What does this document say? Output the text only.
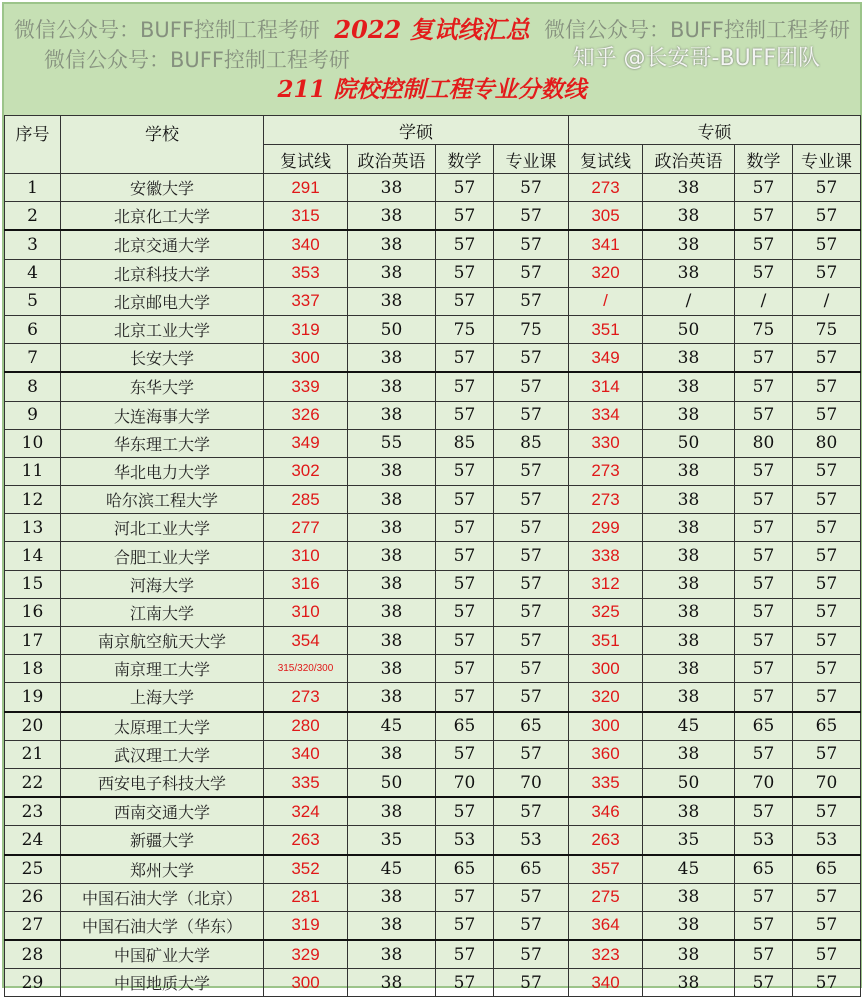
2022 复试线汇总
211 院校控制工程专业分数线
微信公众号：BUFF控制工程考研	微信公众号：BUFF控制工程考研
微信公众号：BUFF控制工程考研	知乎 @长安哥-BUFF团队
序号	学校	学硕				专硕			
		复试线	政治英语	数学	专业课	复试线	政治英语	数学	专业课
1	安徽大学	291	38	57	57	273	38	57	57
2	北京化工大学	315	38	57	57	305	38	57	57
3	北京交通大学	340	38	57	57	341	38	57	57
4	北京科技大学	353	38	57	57	320	38	57	57
5	北京邮电大学	337	38	57	57	/	/	/	/
6	北京工业大学	319	50	75	75	351	50	75	75
7	长安大学	300	38	57	57	349	38	57	57
8	东华大学	339	38	57	57	314	38	57	57
9	大连海事大学	326	38	57	57	334	38	57	57
10	华东理工大学	349	55	85	85	330	50	80	80
11	华北电力大学	302	38	57	57	273	38	57	57
12	哈尔滨工程大学	285	38	57	57	273	38	57	57
13	河北工业大学	277	38	57	57	299	38	57	57
14	合肥工业大学	310	38	57	57	338	38	57	57
15	河海大学	316	38	57	57	312	38	57	57
16	江南大学	310	38	57	57	325	38	57	57
17	南京航空航天大学	354	38	57	57	351	38	57	57
18	南京理工大学	315/320/300	38	57	57	300	38	57	57
19	上海大学	273	38	57	57	320	38	57	57
20	太原理工大学	280	45	65	65	300	45	65	65
21	武汉理工大学	340	38	57	57	360	38	57	57
22	西安电子科技大学	335	50	70	70	335	50	70	70
23	西南交通大学	324	38	57	57	346	38	57	57
24	新疆大学	263	35	53	53	263	35	53	53
25	郑州大学	352	45	65	65	357	45	65	65
26	中国石油大学（北京）	281	38	57	57	275	38	57	57
27	中国石油大学（华东）	319	38	57	57	364	38	57	57
28	中国矿业大学	329	38	57	57	323	38	57	57
29	中国地质大学	300	38	57	57	340	38	57	57
